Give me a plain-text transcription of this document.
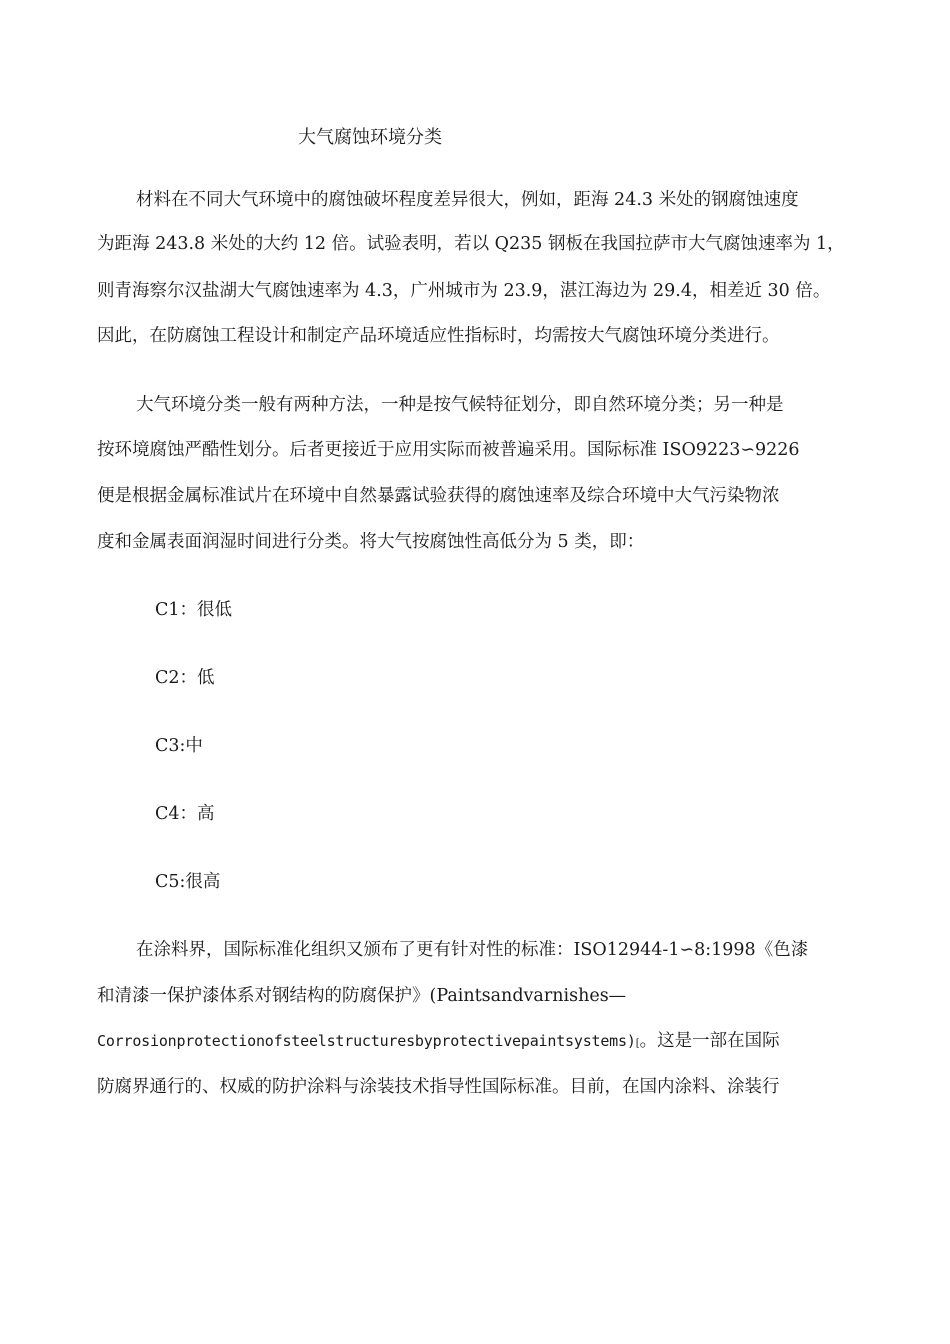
大气腐蚀环境分类
材料在不同大气环境中的腐蚀破坏程度差异很大，例如，距海 24.3 米处的钢腐蚀速度
为距海 243.8 米处的大约 12 倍。试验表明，若以 Q235 钢板在我国拉萨市大气腐蚀速率为 1，
则青海察尔汉盐湖大气腐蚀速率为 4.3，广州城市为 23.9，湛江海边为 29.4，相差近 30 倍。
因此，在防腐蚀工程设计和制定产品环境适应性指标时，均需按大气腐蚀环境分类进行。
大气环境分类一般有两种方法，一种是按气候特征划分，即自然环境分类；另一种是
按环境腐蚀严酷性划分。后者更接近于应用实际而被普遍采用。国际标准 ISO9223∽9226
便是根据金属标准试片在环境中自然暴露试验获得的腐蚀速率及综合环境中大气污染物浓
度和金属表面润湿时间进行分类。将大气按腐蚀性高低分为 5 类，即：
C1：很低
C2：低
C3:中
C4：高
C5:很高
在涂料界，国际标准化组织又颁布了更有针对性的标准：ISO12944-1∽8:1998《色漆
和清漆一保护漆体系对钢结构的防腐保护》(Paintsandvarnishes—
Corrosionprotectionofsteelstructuresbyprotectivepaintsystems)[。这是一部在国际
防腐界通行的、权威的防护涂料与涂装技术指导性国际标准。目前，在国内涂料、涂装行
